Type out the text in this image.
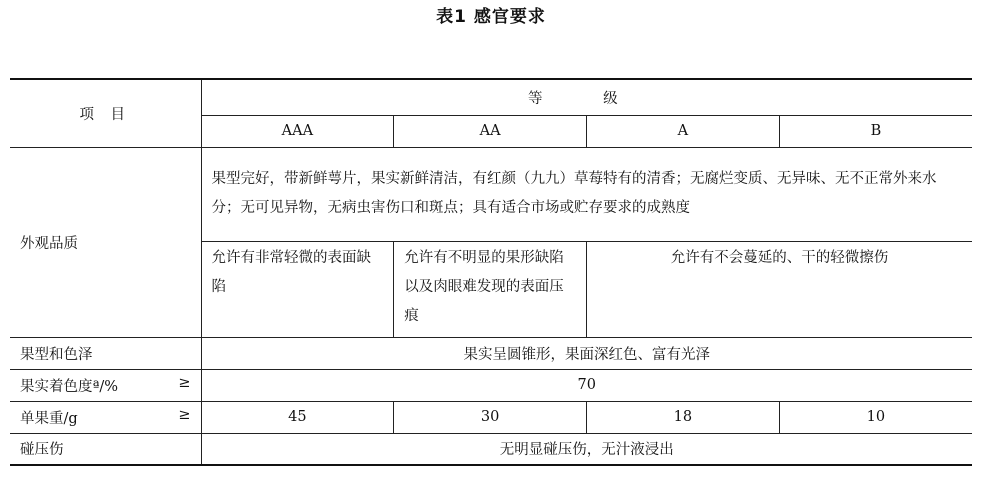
表1 感官要求
项 目	等 级			
	AAA	AA	A	B
外观品质	果型完好，带新鲜萼片，果实新鲜清洁，有红颜（九九）草莓特有的清香；无腐烂变质、无异味、无不正常外来水分；无可见异物，无病虫害伤口和斑点；具有适合市场或贮存要求的成熟度			
	允许有非常轻微的表面缺陷	允许有不明显的果形缺陷以及肉眼难发现的表面压痕	允许有不会蔓延的、干的轻微擦伤	
果型和色泽	果实呈圆锥形，果面深红色、富有光泽			

果实着色度ª/% ≥	70			

单果重/g ≥	45	30	18	10
碰压伤	无明显碰压伤，无汁液浸出			
